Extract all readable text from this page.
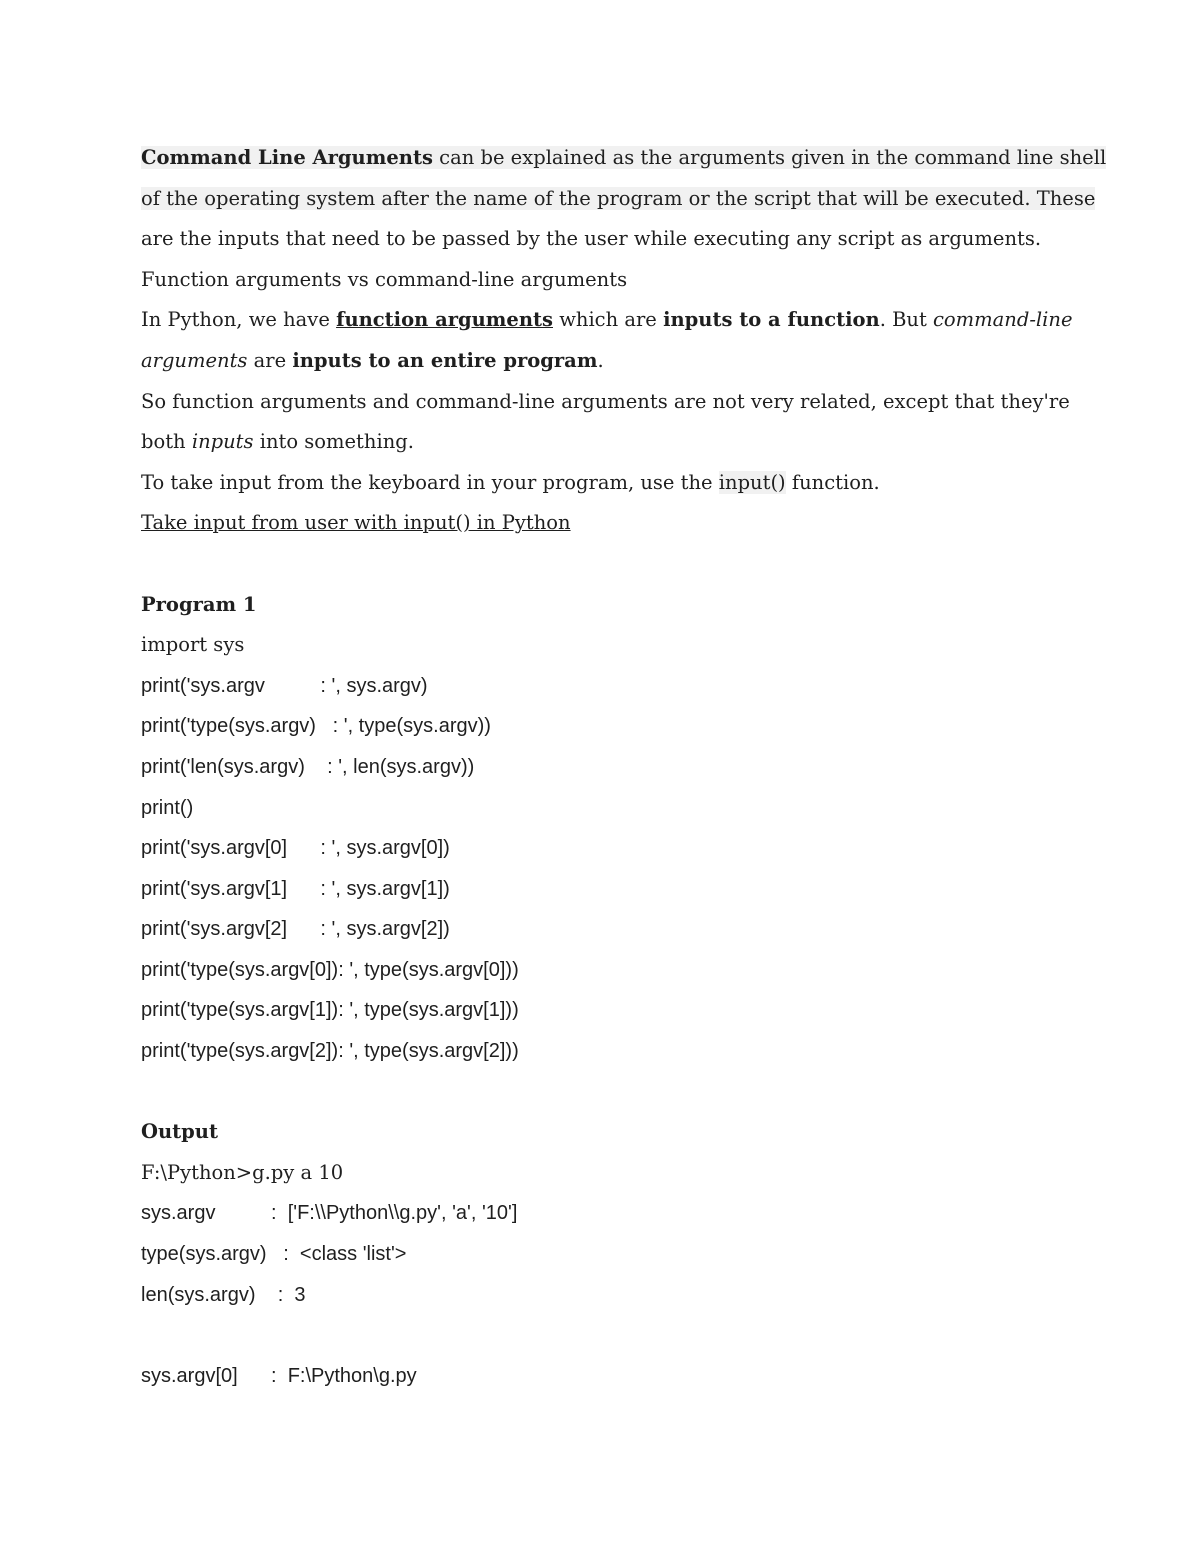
Command Line Arguments can be explained as the arguments given in the command line shell
of the operating system after the name of the program or the script that will be executed. These
are the inputs that need to be passed by the user while executing any script as arguments.
Function arguments vs command-line arguments
In Python, we have function arguments which are inputs to a function. But command-line
arguments are inputs to an entire program.
So function arguments and command-line arguments are not very related, except that they're
both inputs into something.
To take input from the keyboard in your program, use the input() function.
Take input from user with input() in Python
Program 1
import sys
print('sys.argv          : ', sys.argv)
print('type(sys.argv)   : ', type(sys.argv))
print('len(sys.argv)    : ', len(sys.argv))
print()
print('sys.argv[0]      : ', sys.argv[0])
print('sys.argv[1]      : ', sys.argv[1])
print('sys.argv[2]      : ', sys.argv[2])
print('type(sys.argv[0]): ', type(sys.argv[0]))
print('type(sys.argv[1]): ', type(sys.argv[1]))
print('type(sys.argv[2]): ', type(sys.argv[2]))
Output
F:\Python>g.py a 10
sys.argv          :  ['F:\\Python\\g.py', 'a', '10']
type(sys.argv)   :  <class 'list'>
len(sys.argv)    :  3
sys.argv[0]      :  F:\Python\g.py
